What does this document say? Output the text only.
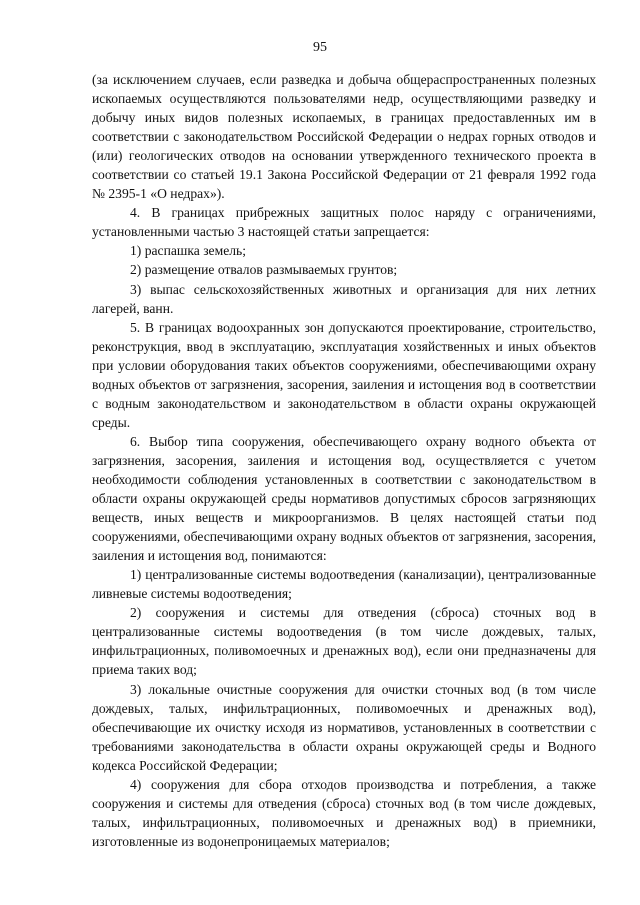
95

(за исключением случаев, если разведка и добыча общераспространенных полезных ископаемых осуществляются пользователями недр, осуществляющими разведку и добычу иных видов полезных ископаемых, в границах предоставленных им в соответствии с законодательством Российской Федерации о недрах горных отводов и (или) геологических отводов на основании утвержденного технического проекта в соответствии со статьей 19.1 Закона Российской Федерации от 21 февраля 1992 года № 2395-1 «О недрах»).

4. В границах прибрежных защитных полос наряду с ограничениями, установленными частью 3 настоящей статьи запрещается:

1) распашка земель;

2) размещение отвалов размываемых грунтов;

3) выпас сельскохозяйственных животных и организация для них летних лагерей, ванн.

5. В границах водоохранных зон допускаются проектирование, строительство, реконструкция, ввод в эксплуатацию, эксплуатация хозяйственных и иных объектов при условии оборудования таких объектов сооружениями, обеспечивающими охрану водных объектов от загрязнения, засорения, заиления и истощения вод в соответствии с водным законодательством и законодательством в области охраны окружающей среды.

6. Выбор типа сооружения, обеспечивающего охрану водного объекта от загрязнения, засорения, заиления и истощения вод, осуществляется с учетом необходимости соблюдения установленных в соответствии с законодательством в области охраны окружающей среды нормативов допустимых сбросов загрязняющих веществ, иных веществ и микроорганизмов. В целях настоящей статьи под сооружениями, обеспечивающими охрану водных объектов от загрязнения, засорения, заиления и истощения вод, понимаются:

1) централизованные системы водоотведения (канализации), централизованные ливневые системы водоотведения;

2) сооружения и системы для отведения (сброса) сточных вод в централизованные системы водоотведения (в том числе дождевых, талых, инфильтрационных, поливомоечных и дренажных вод), если они предназначены для приема таких вод;

3) локальные очистные сооружения для очистки сточных вод (в том числе дождевых, талых, инфильтрационных, поливомоечных и дренажных вод), обеспечивающие их очистку исходя из нормативов, установленных в соответствии с требованиями законодательства в области охраны окружающей среды и Водного кодекса Российской Федерации;

4) сооружения для сбора отходов производства и потребления, а также сооружения и системы для отведения (сброса) сточных вод (в том числе дождевых, талых, инфильтрационных, поливомоечных и дренажных вод) в приемники, изготовленные из водонепроницаемых материалов;
